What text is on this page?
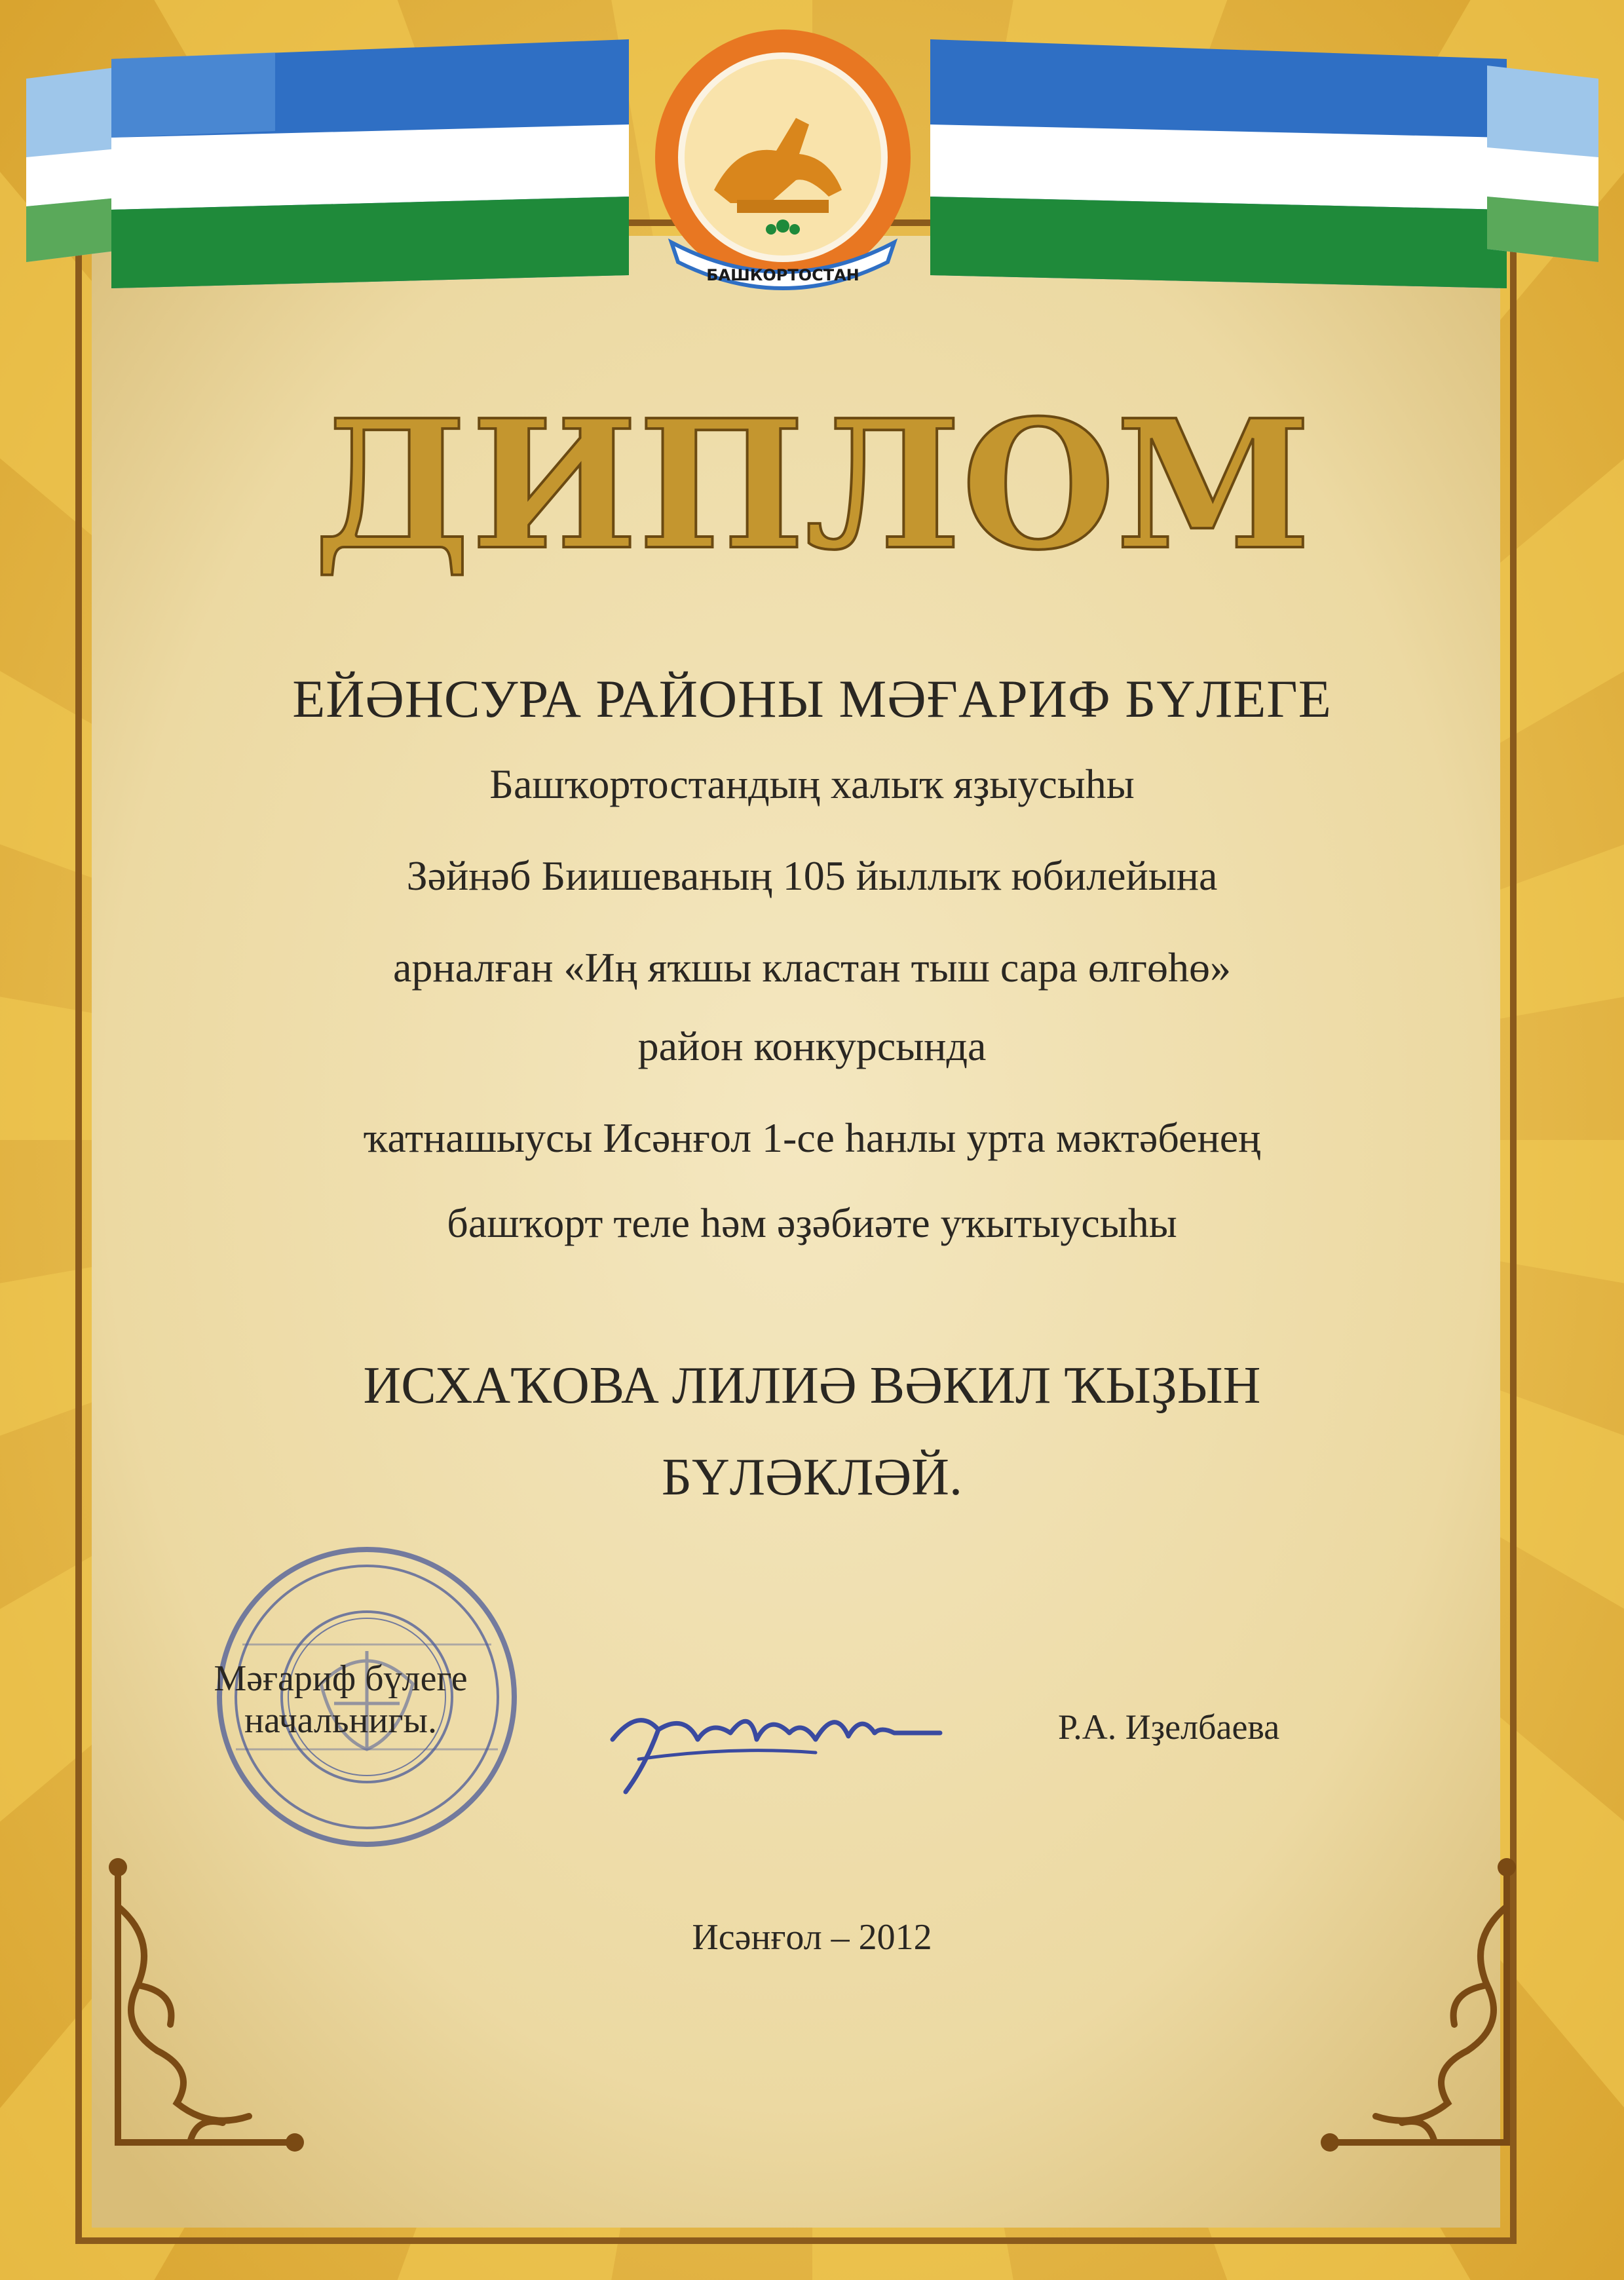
БАШКОРТОСТАН
ДИПЛОМ
ЕЙӘНСУРА РАЙОНЫ МӘҒАРИФ БҮЛЕГЕ
Башҡортостандың халыҡ яҙыусыһы
Зәйнәб Биишеваның 105 йыллыҡ юбилейына
арналған «Иң яҡшы кластан тыш сара өлгөһө»
район конкурсында
ҡатнашыусы Исәнғол 1-се һанлы урта мәктәбенең
башҡорт теле һәм әҙәбиәте уҡытыусыһы
ИСХАҠОВА ЛИЛИӘ ВӘКИЛ ҠЫҘЫН
БҮЛӘКЛӘЙ.
Мәғариф бүлеге
начальнигы.	Р.А. Иҙелбаева
Исәнғол – 2012
